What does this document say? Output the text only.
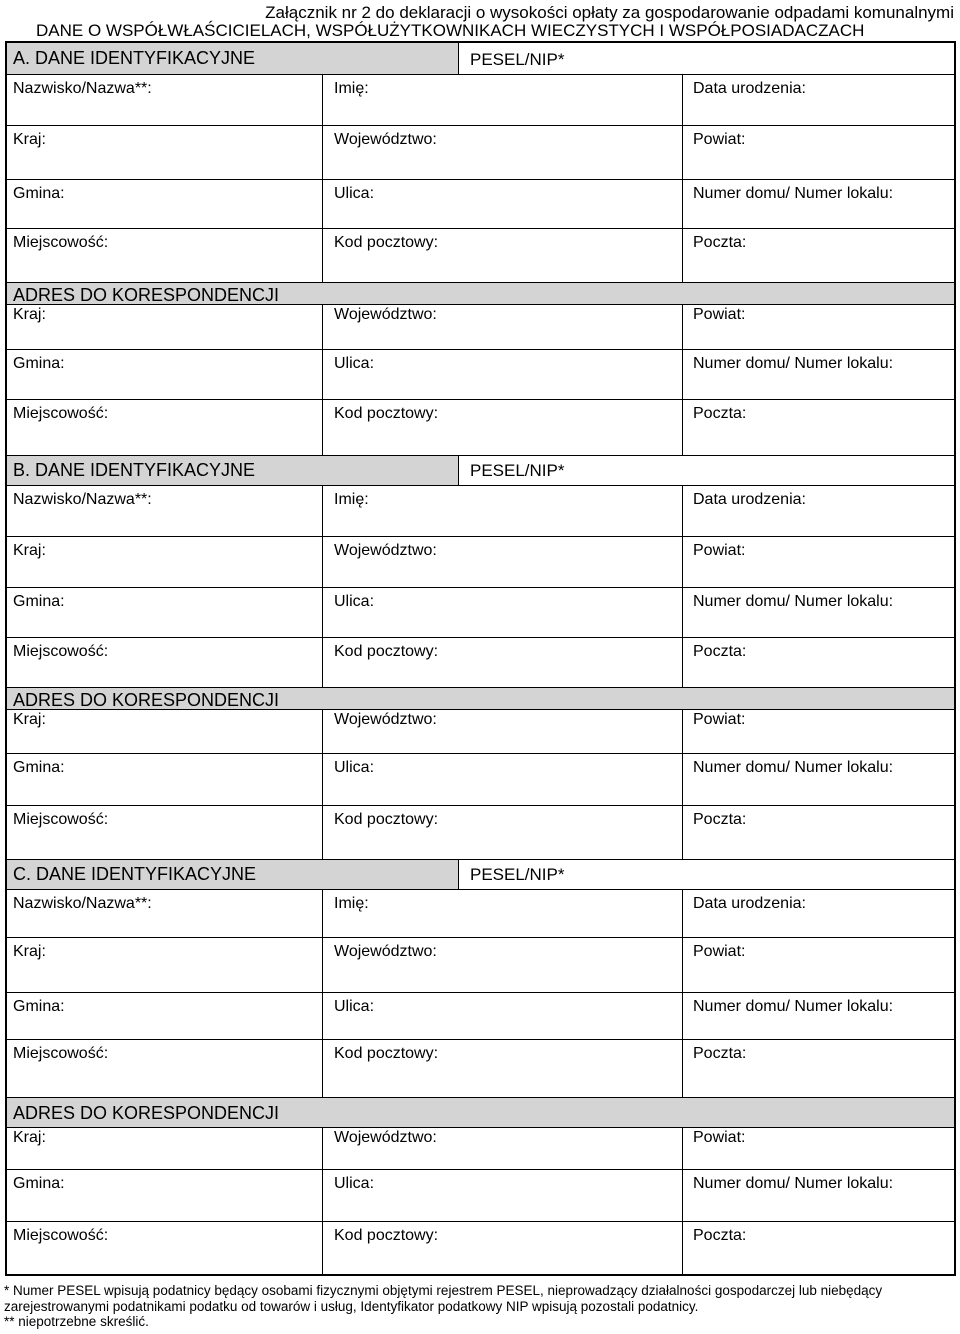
Załącznik nr 2 do deklaracji o wysokości opłaty za gospodarowanie odpadami komunalnymi
DANE O WSPÓŁWŁAŚCICIELACH, WSPÓŁUŻYTKOWNIKACH WIECZYSTYCH I WSPÓŁPOSIADACZACH
A. DANE IDENTYFIKACYJNE	PESEL/NIP*
Nazwisko/Nazwa**:	Imię:	Data urodzenia:
Kraj:	Województwo:	Powiat:
Gmina:	Ulica:	Numer domu/ Numer lokalu:
Miejscowość:	Kod pocztowy:	Poczta:
ADRES DO KORESPONDENCJI
Kraj:	Województwo:	Powiat:
Gmina:	Ulica:	Numer domu/ Numer lokalu:
Miejscowość:	Kod pocztowy:	Poczta:
B. DANE IDENTYFIKACYJNE	PESEL/NIP*
Nazwisko/Nazwa**:	Imię:	Data urodzenia:
Kraj:	Województwo:	Powiat:
Gmina:	Ulica:	Numer domu/ Numer lokalu:
Miejscowość:	Kod pocztowy:	Poczta:
ADRES DO KORESPONDENCJI
Kraj:	Województwo:	Powiat:
Gmina:	Ulica:	Numer domu/ Numer lokalu:
Miejscowość:	Kod pocztowy:	Poczta:
C. DANE IDENTYFIKACYJNE	PESEL/NIP*
Nazwisko/Nazwa**:	Imię:	Data urodzenia:
Kraj:	Województwo:	Powiat:
Gmina:	Ulica:	Numer domu/ Numer lokalu:
Miejscowość:	Kod pocztowy:	Poczta:
ADRES DO KORESPONDENCJI
Kraj:	Województwo:	Powiat:
Gmina:	Ulica:	Numer domu/ Numer lokalu:
Miejscowość:	Kod pocztowy:	Poczta:
* Numer PESEL wpisują podatnicy będący osobami fizycznymi objętymi rejestrem PESEL, nieprowadzący działalności gospodarczej lub niebędący
zarejestrowanymi podatnikami podatku od towarów i usług, Identyfikator podatkowy NIP wpisują pozostali podatnicy.
** niepotrzebne skreślić.
